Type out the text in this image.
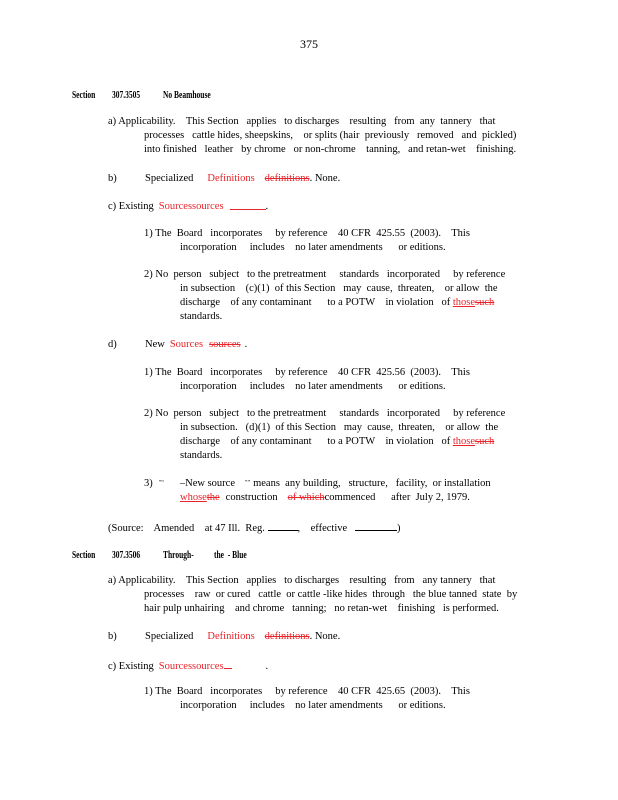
375
Section 307.3505	No Beamhouse
a) Applicability.    This Section   applies   to discharges    resulting   from  any  tannery   that
processes   cattle hides, sheepskins,    or splits (hair  previously   removed   and  pickled)
into finished   leather   by chrome   or non-chrome    tanning,   and retan-wet    finishing.
b)	Specialized Definitions definitions. None.
c) Existing Sourcessources	.
1) The  Board   incorporates     by reference    40 CFR  425.55  (2003).    This
incorporation     includes    no later amendments      or editions.
2) No  person   subject   to the pretreatment     standards   incorporated     by reference
in subsection    (c)(1)  of this Section   may  cause,  threaten,    or allow  the
discharge    of any contaminant      to a POTW    in violation   of thosesuch
standards.
d)	New Sources sources .
1) The  Board   incorporates     by reference    40 CFR  425.56  (2003).    This
incorporation     includes    no later amendments      or editions.
2) No  person   subject   to the pretreatment     standards   incorporated     by reference
in subsection.   (d)(1)  of this Section   may  cause,  threaten,    or allow  the
discharge    of any contaminant      to a POTW    in violation   of thosesuch
standards.
3) "“ –New source "” means  any building,   structure,   facility,  or installation
whosethe construction of whichcommenced      after  July 2, 1979.
(Source:    Amended    at 47 Ill.  Reg.	,    effective	)
Section 307.3506	Through-	the  - Blue
a) Applicability.    This Section   applies   to discharges    resulting   from   any tannery   that
processes    raw  or cured   cattle  or cattle -like hides  through   the blue tanned  state  by
hair pulp unhairing    and chrome   tanning;   no retan-wet    finishing   is performed.
b)	Specialized Definitions definitions. None.
c) Existing Sourcessources	.
1) The  Board   incorporates     by reference    40 CFR  425.65  (2003).    This
incorporation     includes    no later amendments      or editions.
